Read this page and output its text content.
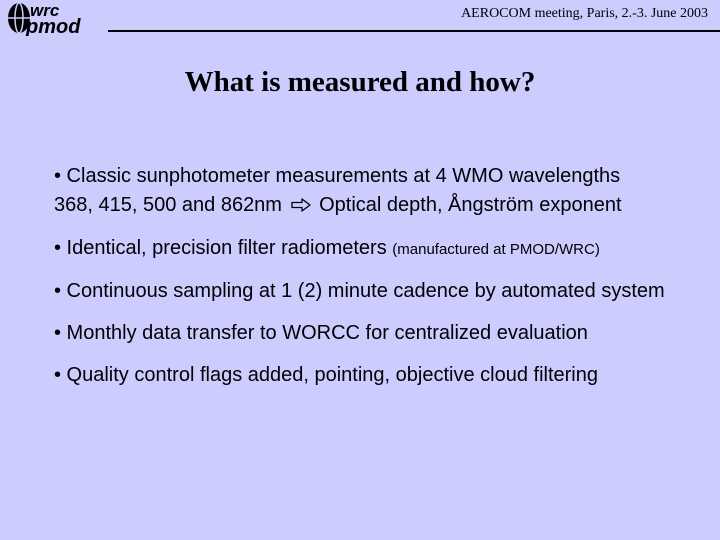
wrc
pmod
AEROCOM meeting, Paris, 2.-3. June 2003
What is measured and how?
• Classic sunphotometer measurements at 4 WMO wavelengths
368, 415, 500 and 862nm Optical depth, Ångström exponent
• Identical, precision filter radiometers (manufactured at PMOD/WRC)
• Continuous sampling at 1 (2) minute cadence by automated system
• Monthly data transfer to WORCC for centralized evaluation
• Quality control flags added, pointing, objective cloud filtering
